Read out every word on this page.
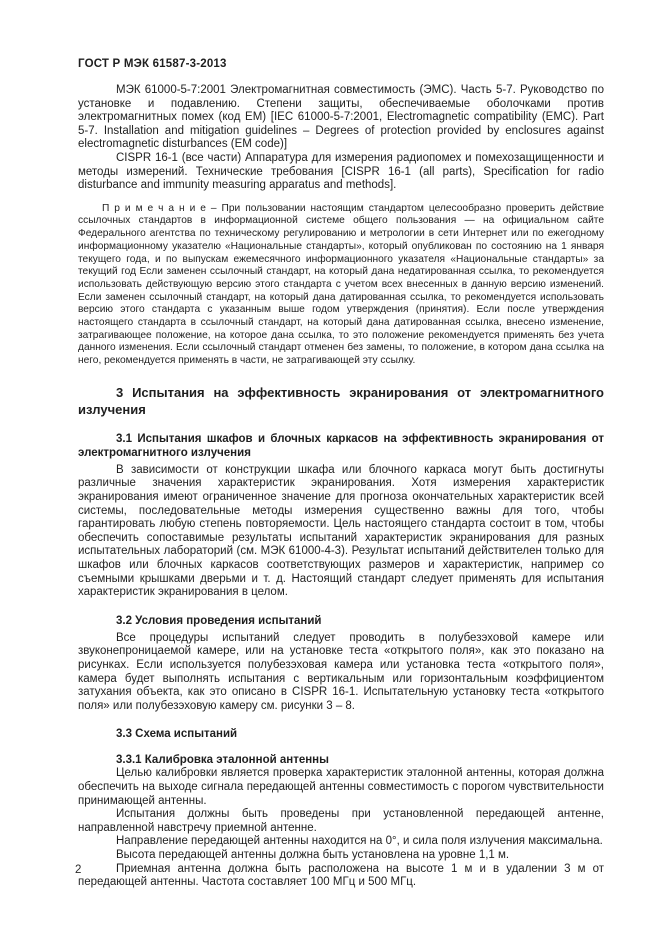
ГОСТ Р МЭК 61587-3-2013

МЭК 61000-5-7:2001 Электромагнитная совместимость (ЭМС). Часть 5-7. Руководство по установке и подавлению. Степени защиты, обеспечиваемые оболочками против электромагнитных помех (код ЕМ) [IEC 61000-5-7:2001, Electromagnetic compatibility (EMC). Part 5-7. Installation and mitigation guidelines – Degrees of protection provided by enclosures against electromagnetic disturbances (EM code)]

CISPR 16-1 (все части) Аппаратура для измерения радиопомех и помехозащищенности и методы измерений. Технические требования [CISPR 16-1 (all parts), Specification for radio disturbance and immunity measuring apparatus and methods].

П р и м е ч а н и е – При пользовании настоящим стандартом целесообразно проверить действие ссылочных стандартов в информационной системе общего пользования — на официальном сайте Федерального агентства по техническому регулированию и метрологии в сети Интернет или по ежегодному информационному указателю «Национальные стандарты», который опубликован по состоянию на 1 января текущего года, и по выпускам ежемесячного информационного указателя «Национальные стандарты» за текущий год Если заменен ссылочный стандарт, на который дана недатированная ссылка, то рекомендуется использовать действующую версию этого стандарта с учетом всех внесенных в данную версию изменений. Если заменен ссылочный стандарт, на который дана датированная ссылка, то рекомендуется использовать версию этого стандарта с указанным выше годом утверждения (принятия). Если после утверждения настоящего стандарта в ссылочный стандарт, на который дана датированная ссылка, внесено изменение, затрагивающее положение, на которое дана ссылка, то это положение рекомендуется применять без учета данного изменения. Если ссылочный стандарт отменен без замены, то положение, в котором дана ссылка на него, рекомендуется применять в части, не затрагивающей эту ссылку.

3 Испытания на эффективность экранирования от электромагнитного излучения
3.1 Испытания шкафов и блочных каркасов на эффективность экранирования от электромагнитного излучения

В зависимости от конструкции шкафа или блочного каркаса могут быть достигнуты различные значения характеристик экранирования. Хотя измерения характеристик экранирования имеют ограниченное значение для прогноза окончательных характеристик всей системы, последовательные методы измерения существенно важны для того, чтобы гарантировать любую степень повторяемости. Цель настоящего стандарта состоит в том, чтобы обеспечить сопоставимые результаты испытаний характеристик экранирования для разных испытательных лабораторий (см. МЭК 61000-4-3). Результат испытаний действителен только для шкафов или блочных каркасов соответствующих размеров и характеристик, например со съемными крышками дверьми и т. д. Настоящий стандарт следует применять для испытания характеристик экранирования в целом.

3.2 Условия проведения испытаний

Все процедуры испытаний следует проводить в полубезэховой камере или звуконепроницаемой камере, или на установке теста «открытого поля», как это показано на рисунках. Если используется полубезэховая камера или установка теста «открытого поля», камера будет выполнять испытания с вертикальным или горизонтальным коэффициентом затухания объекта, как это описано в CISPR 16-1. Испытательную установку теста «открытого поля» или полубезэховую камеру см. рисунки 3 – 8.

3.3 Схема испытаний
3.3.1 Калибровка эталонной антенны

Целью калибровки является проверка характеристик эталонной антенны, которая должна обеспечить на выходе сигнала передающей антенны совместимость с порогом чувствительности принимающей антенны.

Испытания должны быть проведены при установленной передающей антенне, направленной навстречу приемной антенне.

Направление передающей антенны находится на 0°, и сила поля излучения максимальна.

Высота передающей антенны должна быть установлена на уровне 1,1 м.

Приемная антенна должна быть расположена на высоте 1 м и в удалении 3 м от передающей антенны. Частота составляет 100 МГц и 500 МГц.

2
